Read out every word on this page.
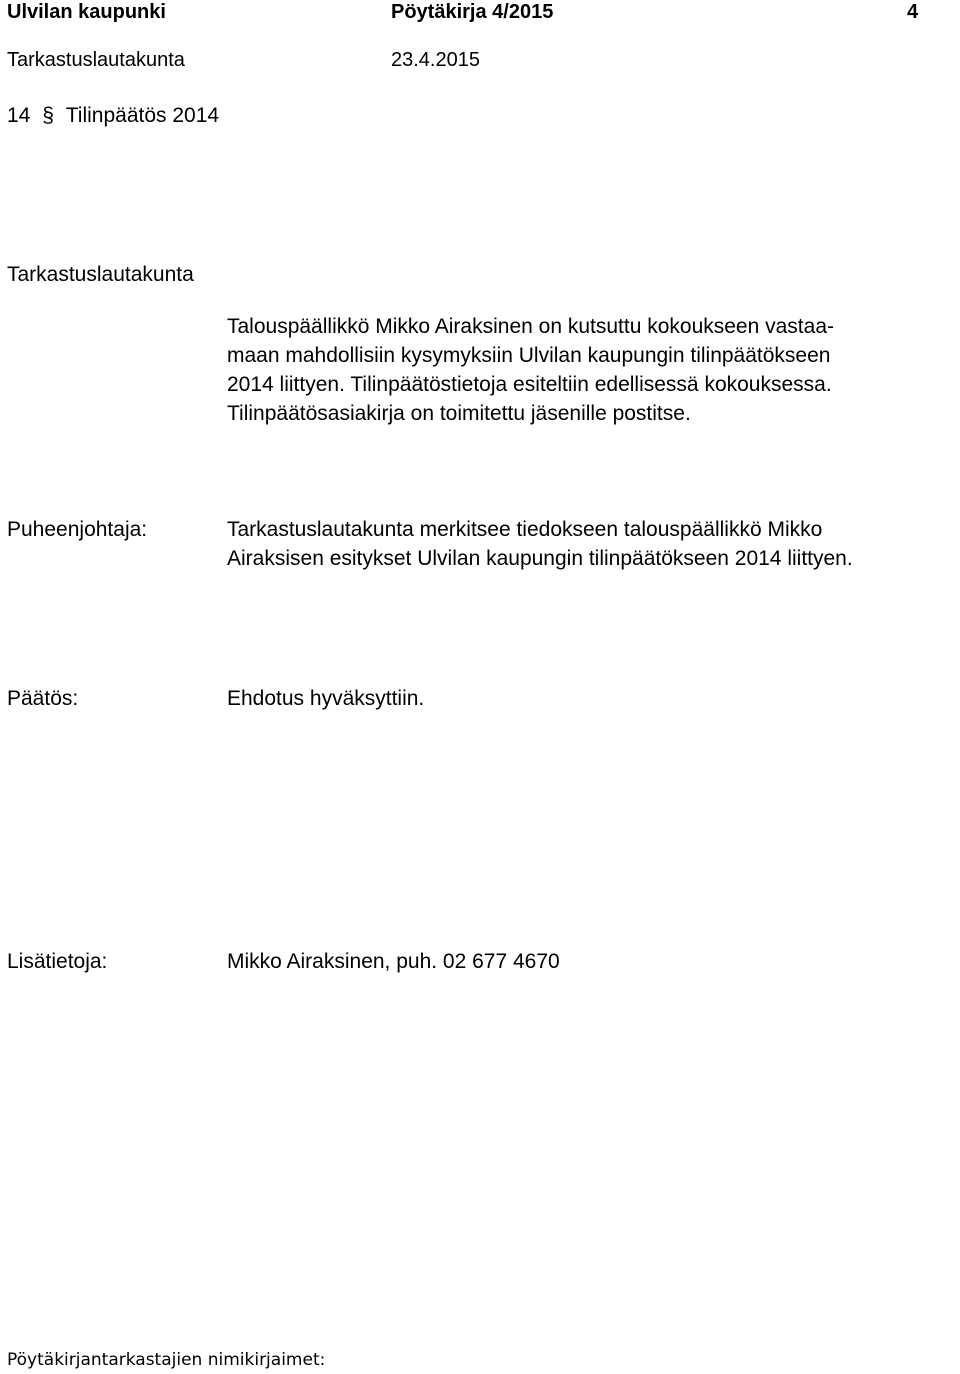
Ulvilan kaupunki	Pöytäkirja 4/2015	4
Tarkastuslautakunta	23.4.2015
14 § Tilinpäätös 2014
Tarkastuslautakunta
Talouspäällikkö Mikko Airaksinen on kutsuttu kokoukseen vastaa-
maan mahdollisiin kysymyksiin Ulvilan kaupungin tilinpäätökseen
2014 liittyen. Tilinpäätöstietoja esiteltiin edellisessä kokouksessa.
Tilinpäätösasiakirja on toimitettu jäsenille postitse.
Puheenjohtaja:	Tarkastuslautakunta merkitsee tiedokseen talouspäällikkö Mikko
Airaksisen esitykset Ulvilan kaupungin tilinpäätökseen 2014 liittyen.
Päätös:	Ehdotus hyväksyttiin.
Lisätietoja:	Mikko Airaksinen, puh. 02 677 4670
Pöytäkirjantarkastajien nimikirjaimet:
